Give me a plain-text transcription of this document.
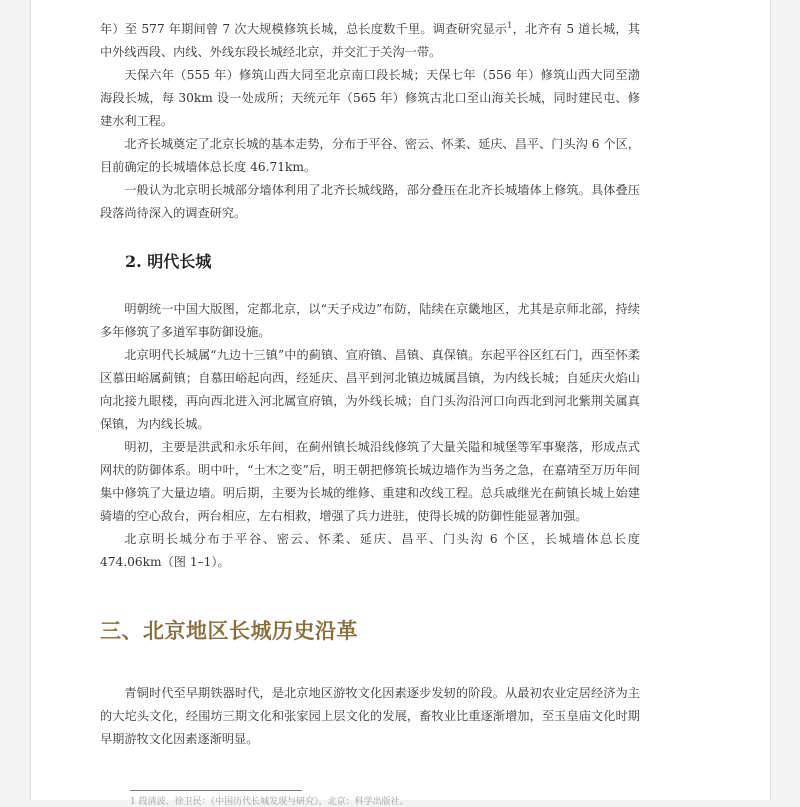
年）至 577 年期间曾 7 次大规模修筑长城，总长度数千里。调查研究显示$^1$，北齐有 5 道长城，其中外线西段、内线、外线东段长城经北京，并交汇于关沟一带。

天保六年（555 年）修筑山西大同至北京南口段长城；天保七年（556 年）修筑山西大同至渤海段长城，每 30km 设一处成所；天统元年（565 年）修筑古北口至山海关长城，同时建民屯、修建水利工程。

北齐长城奠定了北京长城的基本走势，分布于平谷、密云、怀柔、延庆、昌平、门头沟 6 个区，目前确定的长城墙体总长度 46.71km。

一般认为北京明长城部分墙体利用了北齐长城线路，部分叠压在北齐长城墙体上修筑。具体叠压段落尚待深入的调查研究。

2. 明代长城

明朝统一中国大版图，定都北京，以“天子戍边”布防，陆续在京畿地区，尤其是京师北部，持续多年修筑了多道军事防御设施。

北京明代长城属“九边十三镇”中的蓟镇、宣府镇、昌镇、真保镇。东起平谷区红石门，西至怀柔区慕田峪属蓟镇；自慕田峪起向西，经延庆、昌平到河北镇边城属昌镇，为内线长城；自延庆火焰山向北接九眼楼，再向西北进入河北属宣府镇，为外线长城；自门头沟沿河口向西北到河北紫荆关属真保镇，为内线长城。

明初，主要是洪武和永乐年间，在蓟州镇长城沿线修筑了大量关隘和城堡等军事聚落，形成点式网状的防御体系。明中叶，“土木之变”后，明王朝把修筑长城边墙作为当务之急，在嘉靖至万历年间集中修筑了大量边墙。明后期，主要为长城的维修、重建和改线工程。总兵戚继光在蓟镇长城上始建骑墙的空心敌台，两台相应，左右相救，增强了兵力进驻，使得长城的防御性能显著加强。

北京明长城分布于平谷、密云、怀柔、延庆、昌平、门头沟 6 个区，长城墙体总长度 474.06km（图 1–1）。

三、北京地区长城历史沿革

青铜时代至早期铁器时代，是北京地区游牧文化因素逐步发轫的阶段。从最初农业定居经济为主的大坨头文化，经围坊三期文化和张家园上层文化的发展，畜牧业比重逐渐增加，至玉皇庙文化时期早期游牧文化因素逐渐明显。

1 段清波、徐卫民：《中国历代长城发现与研究》，北京：科学出版社。
